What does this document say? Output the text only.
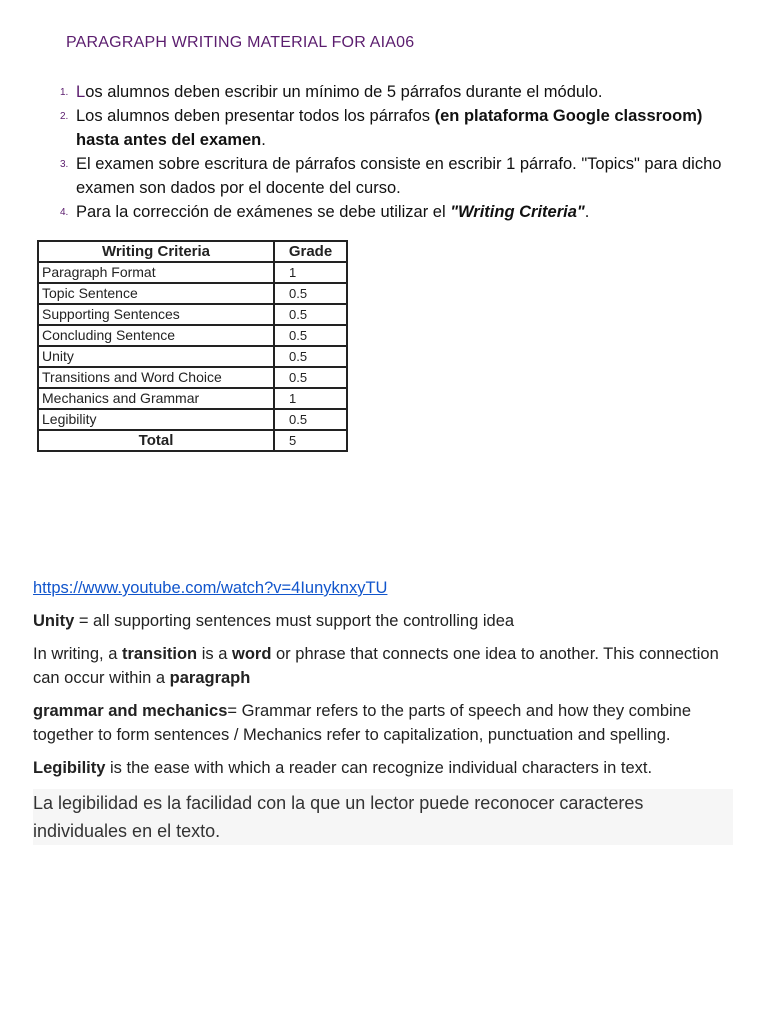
PARAGRAPH WRITING MATERIAL FOR AIA06
1. Los alumnos deben escribir un mínimo de 5 párrafos durante el módulo.
2. Los alumnos deben presentar todos los párrafos (en plataforma Google classroom) hasta antes del examen.
3. El examen sobre escritura de párrafos consiste en escribir 1 párrafo. "Topics" para dicho examen son dados por el docente del curso.
4. Para la corrección de exámenes se debe utilizar el "Writing Criteria".
Writing Criteria	Grade
Paragraph Format	1
Topic Sentence	0.5
Supporting Sentences	0.5
Concluding Sentence	0.5
Unity	0.5
Transitions and Word Choice	0.5
Mechanics and Grammar	1
Legibility	0.5
Total	5

https://www.youtube.com/watch?v=4IunyknxyTU

Unity = all supporting sentences must support the controlling idea

In writing, a transition is a word or phrase that connects one idea to another. This connection can occur within a paragraph

grammar and mechanics= Grammar refers to the parts of speech and how they combine together to form sentences / Mechanics refer to capitalization, punctuation and spelling.

Legibility is the ease with which a reader can recognize individual characters in text.

La legibilidad es la facilidad con la que un lector puede reconocer caracteres individuales en el texto.
